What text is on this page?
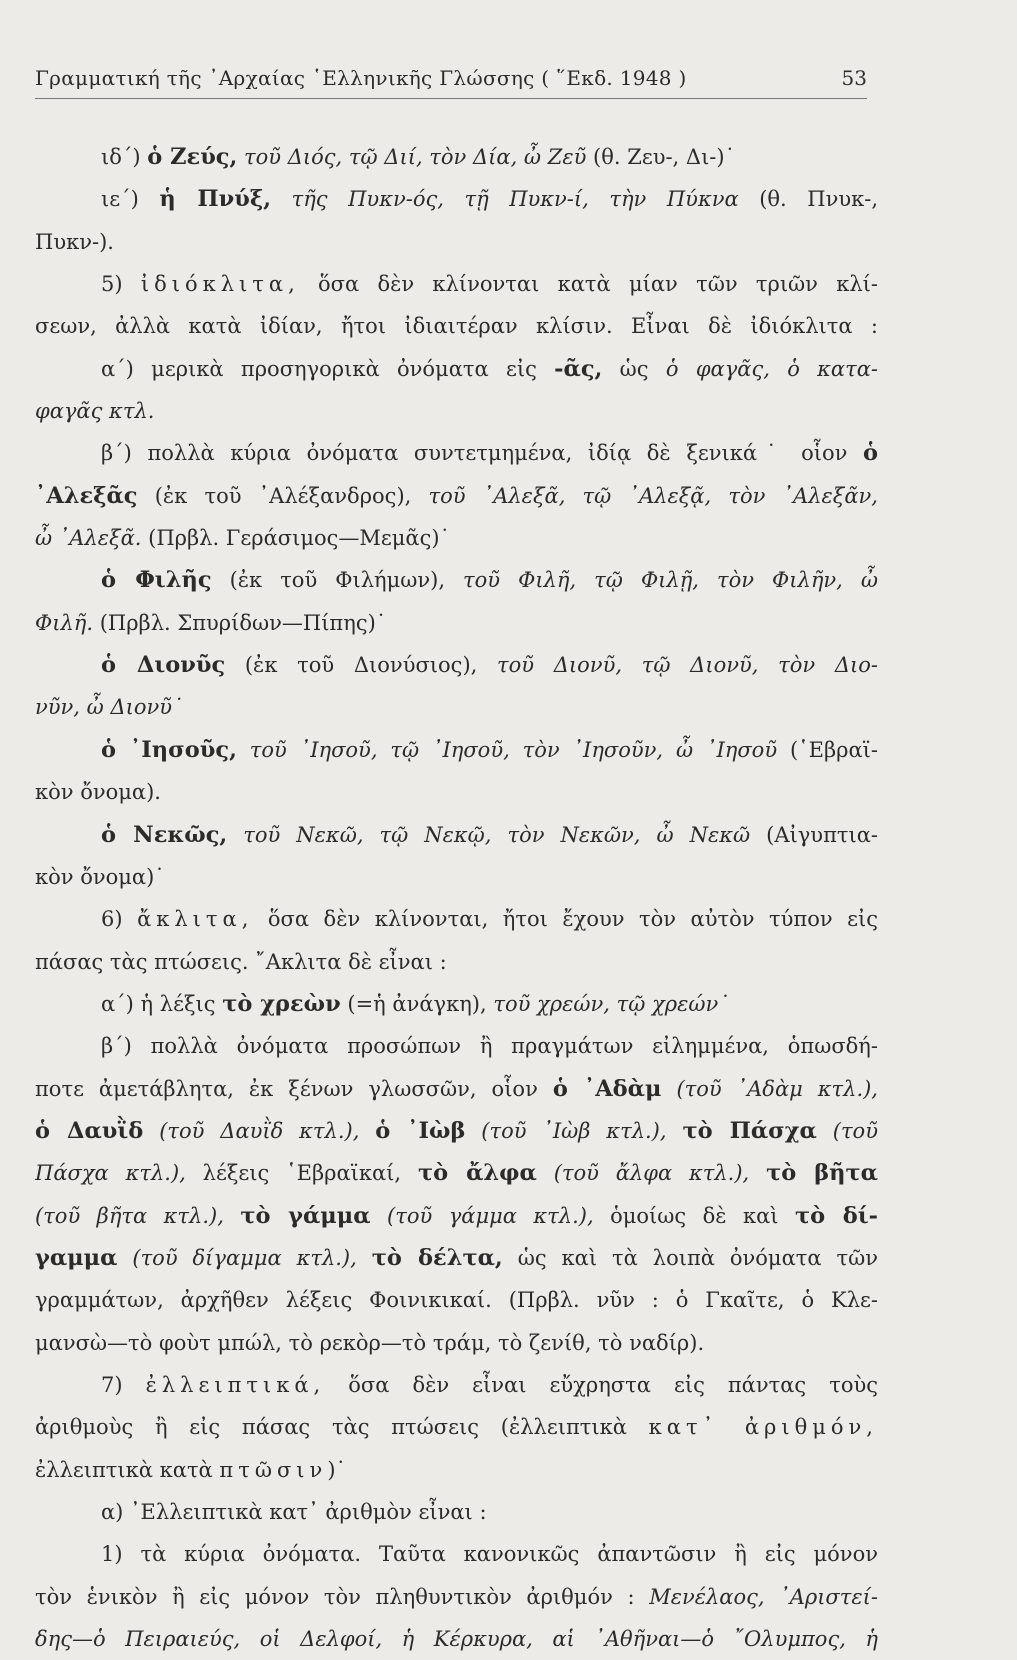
Γραμματική τῆς ᾿Αρχαίας ῾Ελληνικῆς Γλώσσης ( ῞Εκδ. 1948 )	53
ιδ΄) ὁ Ζεύς, τοῦ Διός, τῷ Διί, τὸν Δία, ὦ Ζεῦ (θ. Ζευ-, Δι-)˙
ιε΄) ἡ Πνύξ, τῆς Πυκν-ός, τῇ Πυκν-ί, τὴν Πύκνα (θ. Πνυκ-,
Πυκν-).
5) ἰδιόκλιτα, ὅσα δὲν κλίνονται κατὰ μίαν τῶν τριῶν κλί-
σεων, ἀλλὰ κατὰ ἰδίαν, ἤτοι ἰδιαιτέραν κλίσιν. Εἶναι δὲ ἰδιόκλιτα :
α΄) μερικὰ προσηγορικὰ ὀνόματα εἰς -ᾶς, ὡς ὁ φαγᾶς, ὁ κατα-
φαγᾶς κτλ.
β΄) πολλὰ κύρια ὀνόματα συντετμημένα, ἰδίᾳ δὲ ξενικά˙ οἷον ὁ
᾿Αλεξᾶς (ἐκ τοῦ ᾿Αλέξανδρος), τοῦ ᾿Αλεξᾶ, τῷ ᾿Αλεξᾷ, τὸν ᾿Αλεξᾶν,
ὦ ᾿Αλεξᾶ. (Πρβλ. Γεράσιμος—Μεμᾶς)˙
ὁ Φιλῆς (ἐκ τοῦ Φιλήμων), τοῦ Φιλῆ, τῷ Φιλῇ, τὸν Φιλῆν, ὦ
Φιλῆ. (Πρβλ. Σπυρίδων—Πίπης)˙
ὁ Διονῦς (ἐκ τοῦ Διονύσιος), τοῦ Διονῦ, τῷ Διονῦ, τὸν Διο-
νῦν, ὦ Διονῦ˙
ὁ ᾿Ιησοῦς, τοῦ ᾿Ιησοῦ, τῷ ᾿Ιησοῦ, τὸν ᾿Ιησοῦν, ὦ ᾿Ιησοῦ (῾Εβραϊ-
κὸν ὄνομα).
ὁ Νεκῶς, τοῦ Νεκῶ, τῷ Νεκῷ, τὸν Νεκῶν, ὦ Νεκῶ (Αἰγυπτια-
κὸν ὄνομα)˙
6) ἄκλιτα, ὅσα δὲν κλίνονται, ἤτοι ἔχουν τὸν αὐτὸν τύπον εἰς
πάσας τὰς πτώσεις. ῎Ακλιτα δὲ εἶναι :
α΄) ἡ λέξις τὸ χρεὼν (=ἡ ἀνάγκη), τοῦ χρεών, τῷ χρεών˙
β΄) πολλὰ ὀνόματα προσώπων ἢ πραγμάτων εἰλημμένα, ὁπωσδή-
ποτε ἀμετάβλητα, ἐκ ξένων γλωσσῶν, οἷον ὁ ᾿Αδὰμ (τοῦ ᾿Αδὰμ κτλ.),
ὁ Δαυῒδ (τοῦ Δαυῒδ κτλ.), ὁ ᾿Ιὼβ (τοῦ ᾿Ιὼβ κτλ.), τὸ Πάσχα (τοῦ
Πάσχα κτλ.), λέξεις ῾Εβραϊκαί, τὸ ἄλφα (τοῦ ἄλφα κτλ.), τὸ βῆτα
(τοῦ βῆτα κτλ.), τὸ γάμμα (τοῦ γάμμα κτλ.), ὁμοίως δὲ καὶ τὸ δί-
γαμμα (τοῦ δίγαμμα κτλ.), τὸ δέλτα, ὡς καὶ τὰ λοιπὰ ὀνόματα τῶν
γραμμάτων, ἀρχῆθεν λέξεις Φοινικικαί. (Πρβλ. νῦν : ὁ Γκαῖτε, ὁ Κλε-
μανσὼ—τὸ φοὺτ μπώλ, τὸ ρεκὸρ—τὸ τράμ, τὸ ζενίθ, τὸ ναδίρ).
7) ἐλλειπτικά, ὅσα δὲν εἶναι εὔχρηστα εἰς πάντας τοὺς
ἀριθμοὺς ἢ εἰς πάσας τὰς πτώσεις (ἐλλειπτικὰ κατ᾿ ἀριθμόν,
ἐλλειπτικὰ κατὰ πτῶσιν)˙
α) ᾿Ελλειπτικὰ κατ᾿ ἀριθμὸν εἶναι :
1) τὰ κύρια ὀνόματα. Ταῦτα κανονικῶς ἀπαντῶσιν ἢ εἰς μόνον
τὸν ἑνικὸν ἢ εἰς μόνον τὸν πληθυντικὸν ἀριθμόν : Μενέλαος, ᾿Αριστεί-
δης—ὁ Πειραιεύς, οἱ Δελφοί, ἡ Κέρκυρα, αἱ ᾿Αθῆναι—ὁ ῎Ολυμπος, ἡ
